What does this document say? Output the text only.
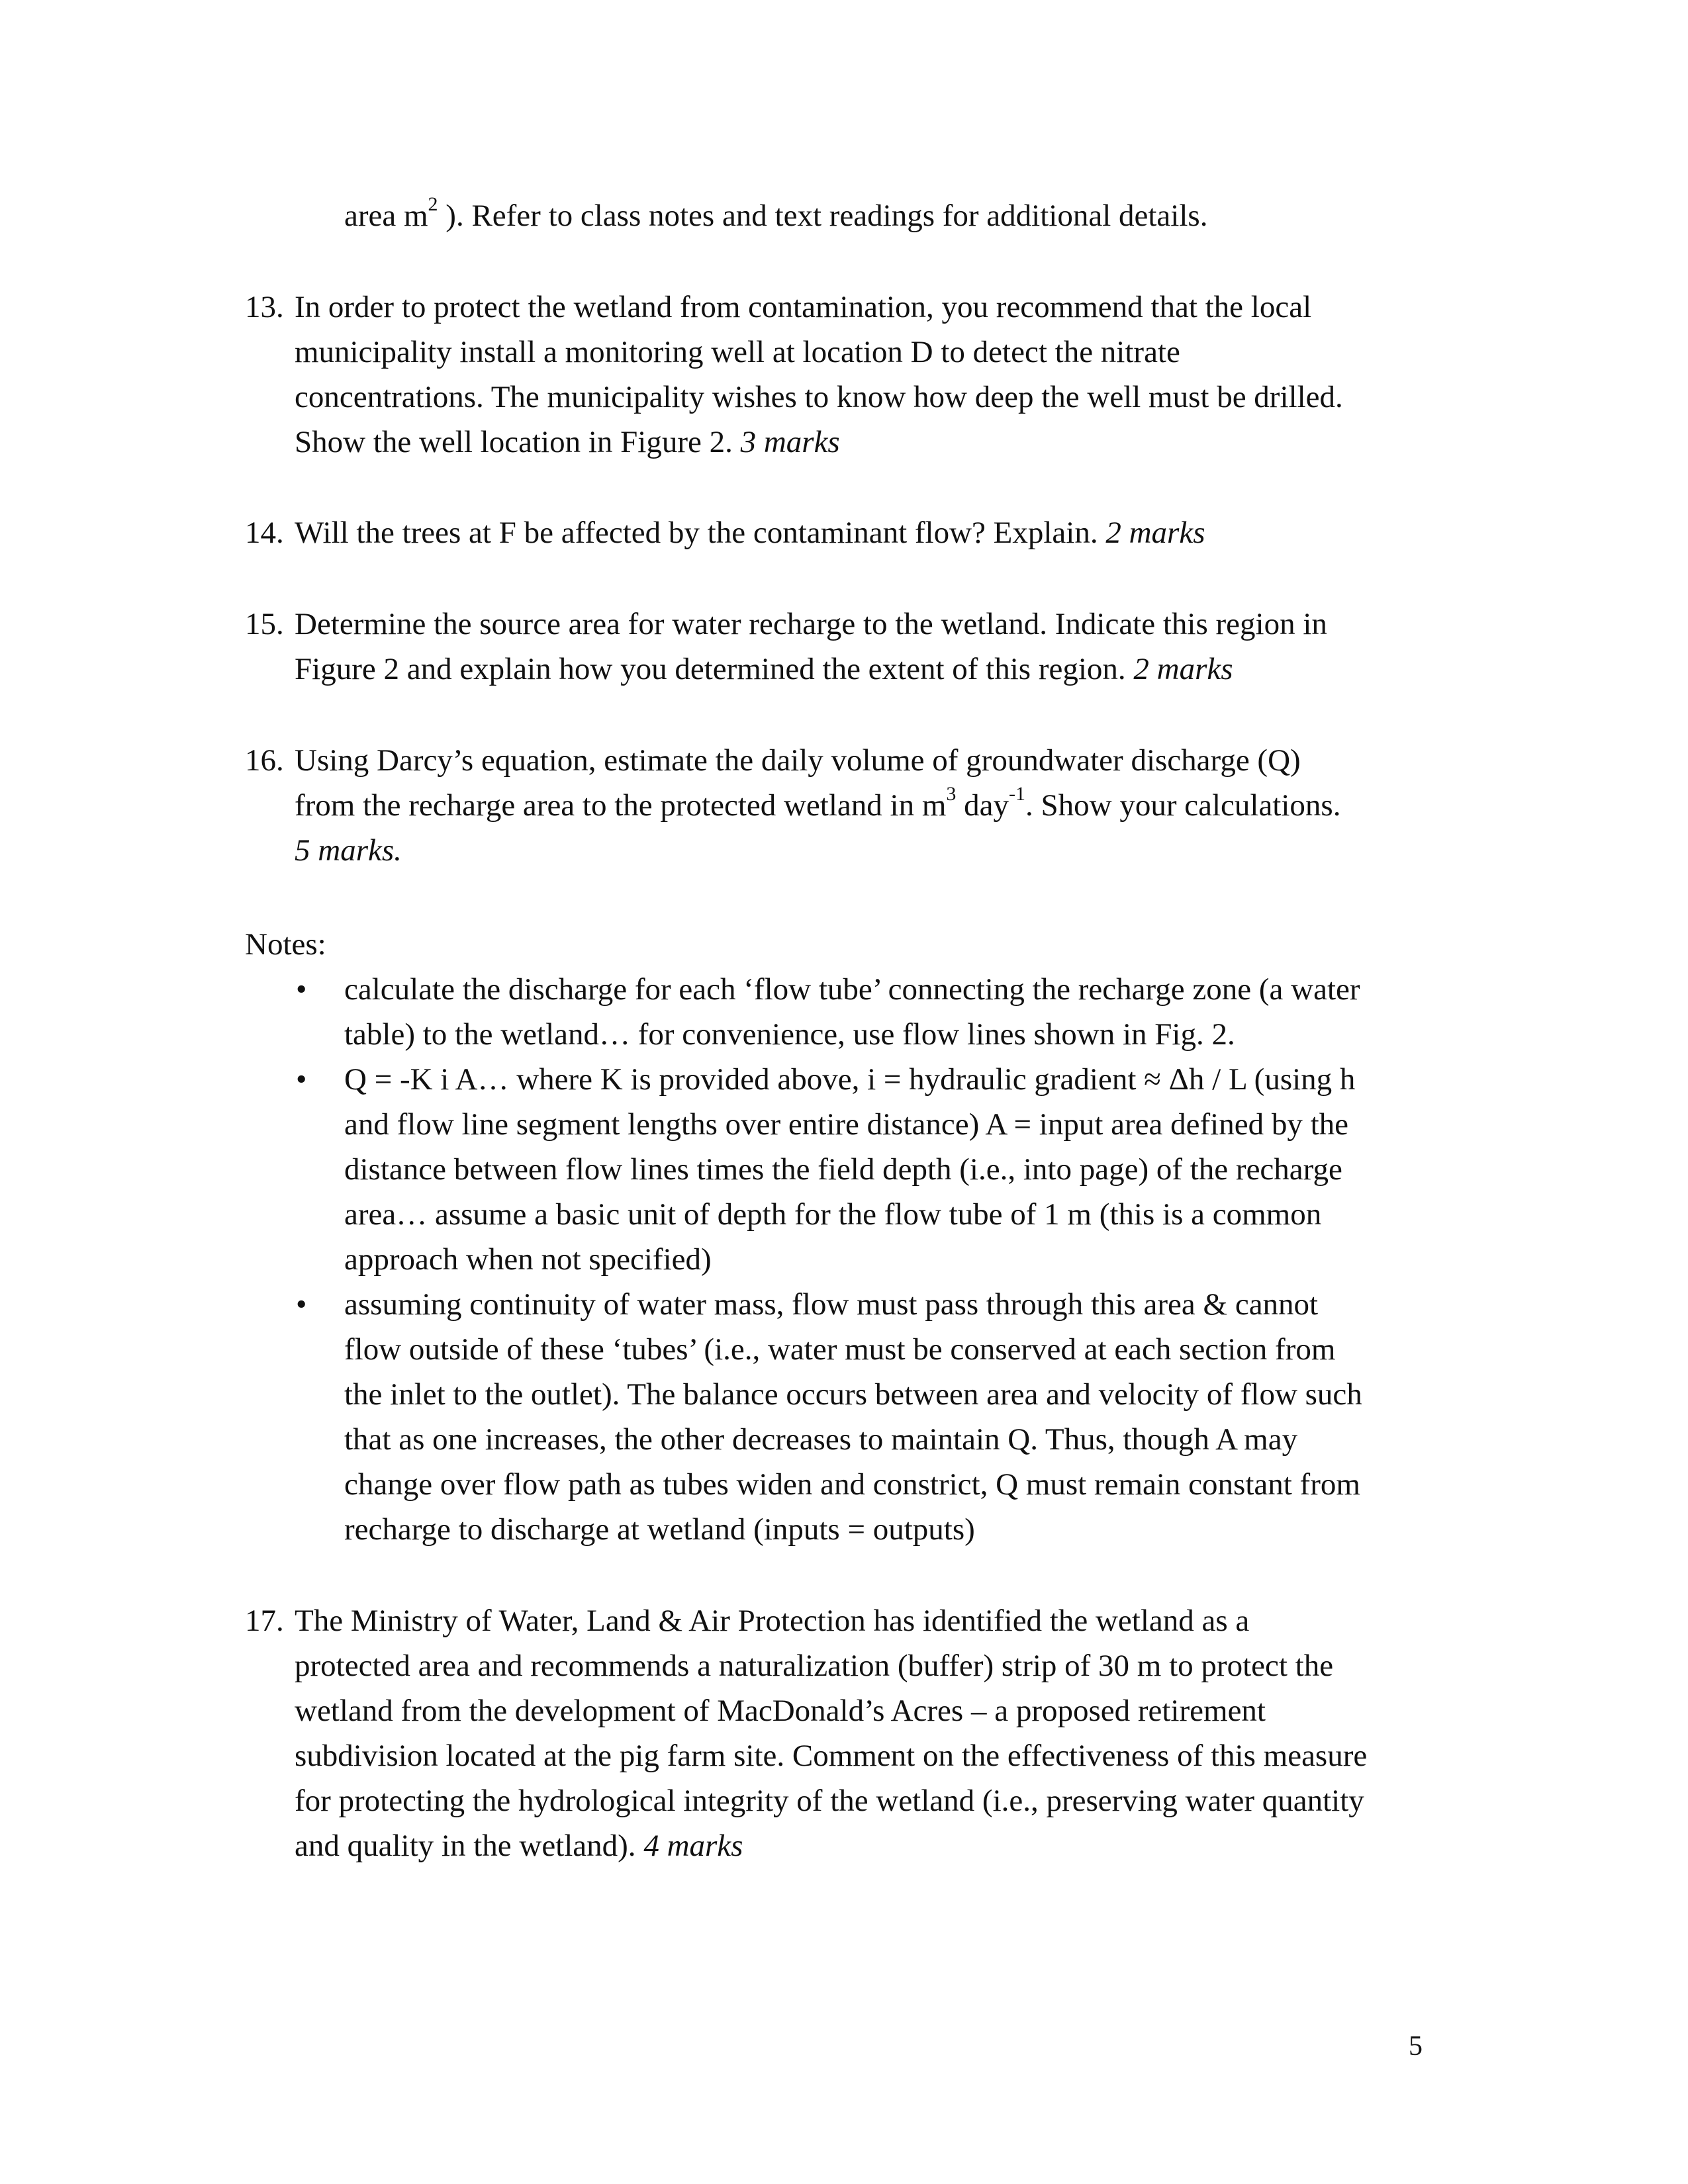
area $m^2$ ). Refer to class notes and text readings for additional details.

13. In order to protect the wetland from contamination, you recommend that the local

municipality install a monitoring well at location D to detect the nitrate

concentrations. The municipality wishes to know how deep the well must be drilled.

Show the well location in Figure 2. 3 marks

14. Will the trees at F be affected by the contaminant flow? Explain. 2 marks

15. Determine the source area for water recharge to the wetland. Indicate this region in

Figure 2 and explain how you determined the extent of this region. 2 marks

16. Using Darcy’s equation, estimate the daily volume of groundwater discharge (Q)

from the recharge area to the protected wetland in $m^3$ day$^{-1}$. Show your calculations.

5 marks.

Notes:

• calculate the discharge for each ‘flow tube’ connecting the recharge zone (a water

table) to the wetland… for convenience, use flow lines shown in Fig. 2.

• Q = -K i A… where K is provided above, i = hydraulic gradient ≈ Δh / L (using h

and flow line segment lengths over entire distance) A = input area defined by the

distance between flow lines times the field depth (i.e., into page) of the recharge

area… assume a basic unit of depth for the flow tube of 1 m (this is a common

approach when not specified)

• assuming continuity of water mass, flow must pass through this area & cannot

flow outside of these ‘tubes’ (i.e., water must be conserved at each section from

the inlet to the outlet). The balance occurs between area and velocity of flow such

that as one increases, the other decreases to maintain Q. Thus, though A may

change over flow path as tubes widen and constrict, Q must remain constant from

recharge to discharge at wetland (inputs = outputs)

17. The Ministry of Water, Land & Air Protection has identified the wetland as a

protected area and recommends a naturalization (buffer) strip of 30 m to protect the

wetland from the development of MacDonald’s Acres – a proposed retirement

subdivision located at the pig farm site. Comment on the effectiveness of this measure

for protecting the hydrological integrity of the wetland (i.e., preserving water quantity

and quality in the wetland). 4 marks

5
